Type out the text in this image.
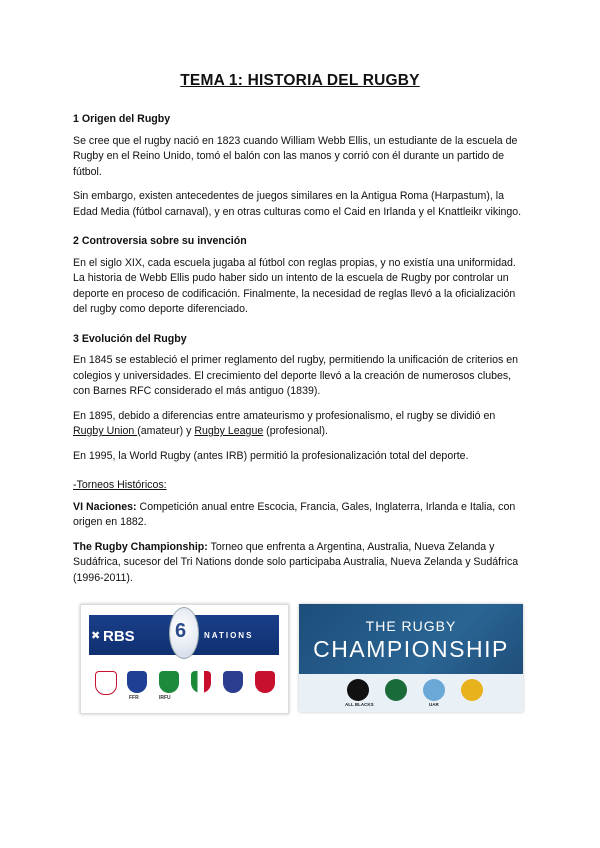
TEMA 1: HISTORIA DEL RUGBY
1 Origen del Rugby

Se cree que el rugby nació en 1823 cuando William Webb Ellis, un estudiante de la escuela de Rugby en el Reino Unido, tomó el balón con las manos y corrió con él durante un partido de fútbol.

Sin embargo, existen antecedentes de juegos similares en la Antigua Roma (Harpastum), la Edad Media (fútbol carnaval), y en otras culturas como el Caid en Irlanda y el Knattleikr vikingo.

2 Controversia sobre su invención

En el siglo XIX, cada escuela jugaba al fútbol con reglas propias, y no existía una uniformidad. La historia de Webb Ellis pudo haber sido un intento de la escuela de Rugby por controlar un deporte en proceso de codificación. Finalmente, la necesidad de reglas llevó a la oficialización del rugby como deporte diferenciado.

3 Evolución del Rugby

En 1845 se estableció el primer reglamento del rugby, permitiendo la unificación de criterios en colegios y universidades. El crecimiento del deporte llevó a la creación de numerosos clubes, con Barnes RFC considerado el más antiguo (1839).

En 1895, debido a diferencias entre amateurismo y profesionalismo, el rugby se dividió en Rugby Union (amateur) y Rugby League (profesional).

En 1995, la World Rugby (antes IRB) permitió la profesionalización total del deporte.

-Torneos Históricos:

VI Naciones: Competición anual entre Escocia, Francia, Gales, Inglaterra, Irlanda e Italia, con origen en 1882.

The Rugby Championship: Torneo que enfrenta a Argentina, Australia, Nueva Zelanda y Sudáfrica, sucesor del Tri Nations donde solo participaba Australia, Nueva Zelanda y Sudáfrica (1996-2011).

✖ RBS	NATIONS
6
FFR	IRFU
THE RUGBY
CHAMPIONSHIP
ALL BLACKS	UAR
